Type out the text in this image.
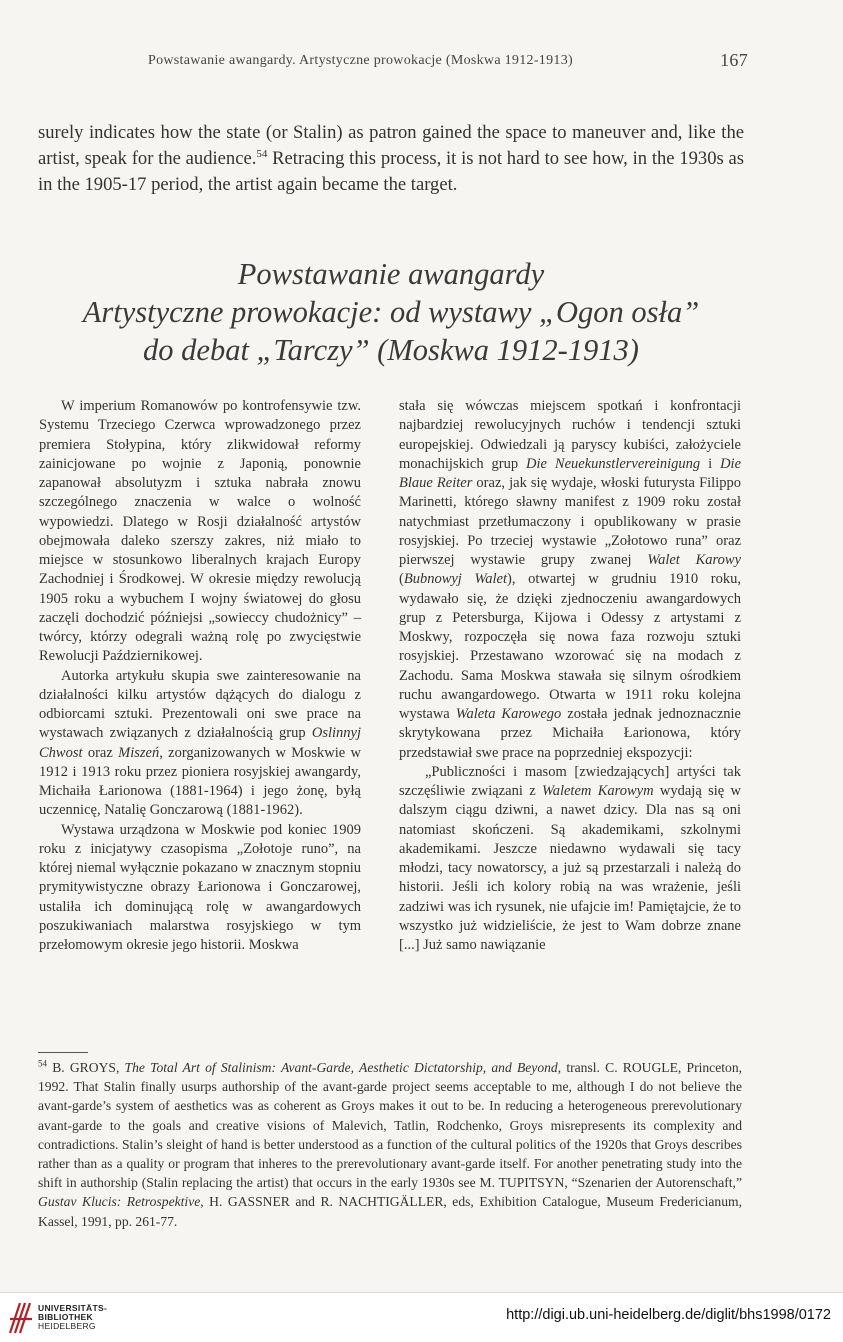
Powstawanie awangardy. Artystyczne prowokacje (Moskwa 1912-1913)	167
surely indicates how the state (or Stalin) as patron gained the space to maneuver and, like the artist, speak for the audience.$^{54}$ Retracing this process, it is not hard to see how, in the 1930s as in the 1905-17 period, the artist again became the target.
Powstawanie awangardy
Artystyczne prowokacje: od wystawy „Ogon osła”
do debat „Tarczy” (Moskwa 1912-1913)

W imperium Romanowów po kontrofensywie tzw. Systemu Trzeciego Czerwca wprowadzonego przez premiera Stołypina, który zlikwidował reformy zainicjowane po wojnie z Japonią, ponownie zapanował absolutyzm i sztuka nabrała znowu szczególnego znaczenia w walce o wolność wypowiedzi. Dlatego w Rosji działalność artystów obejmowała daleko szerszy zakres, niż miało to miejsce w stosunkowo liberalnych krajach Europy Zachodniej i Środkowej. W okresie między rewolucją 1905 roku a wybuchem I wojny światowej do głosu zaczęli dochodzić późniejsi „sowieccy chudożnicy” – twórcy, którzy odegrali ważną rolę po zwycięstwie Rewolucji Październikowej.

Autorka artykułu skupia swe zainteresowanie na działalności kilku artystów dążących do dialogu z odbiorcami sztuki. Prezentowali oni swe prace na wystawach związanych z działalnością grup Oslinnyj Chwost oraz Miszeń, zorganizowanych w Moskwie w 1912 i 1913 roku przez pioniera rosyjskiej awangardy, Michaiła Łarionowa (1881-1964) i jego żonę, byłą uczennicę, Natalię Gonczarową (1881-1962).

Wystawa urządzona w Moskwie pod koniec 1909 roku z inicjatywy czasopisma „Zołotoje runo”, na której niemal wyłącznie pokazano w znacznym stopniu prymitywistyczne obrazy Łarionowa i Gonczarowej, ustaliła ich dominującą rolę w awangardowych poszukiwaniach malarstwa rosyjskiego w tym przełomowym okresie jego historii. Moskwa

stała się wówczas miejscem spotkań i konfrontacji najbardziej rewolucyjnych ruchów i tendencji sztuki europejskiej. Odwiedzali ją paryscy kubiści, założyciele monachijskich grup Die Neuekunstlervereinigung i Die Blaue Reiter oraz, jak się wydaje, włoski futurysta Filippo Marinetti, którego sławny manifest z 1909 roku został natychmiast przetłumaczony i opublikowany w prasie rosyjskiej. Po trzeciej wystawie „Zołotowo runa” oraz pierwszej wystawie grupy zwanej Walet Karowy (Bubnowyj Walet), otwartej w grudniu 1910 roku, wydawało się, że dzięki zjednoczeniu awangardowych grup z Petersburga, Kijowa i Odessy z artystami z Moskwy, rozpoczęła się nowa faza rozwoju sztuki rosyjskiej. Przestawano wzorować się na modach z Zachodu. Sama Moskwa stawała się silnym ośrodkiem ruchu awangardowego. Otwarta w 1911 roku kolejna wystawa Waleta Karowego została jednak jednoznacznie skrytykowana przez Michaiła Łarionowa, który przedstawiał swe prace na poprzedniej ekspozycji:

„Publiczności i masom [zwiedzających] artyści tak szczęśliwie związani z Waletem Karowym wydają się w dalszym ciągu dziwni, a nawet dzicy. Dla nas są oni natomiast skończeni. Są akademikami, szkolnymi akademikami. Jeszcze niedawno wydawali się tacy młodzi, tacy nowatorscy, a już są przestarzali i należą do historii. Jeśli ich kolory robią na was wrażenie, jeśli zadziwi was ich rysunek, nie ufajcie im! Pamiętajcie, że to wszystko już widzieliście, że jest to Wam dobrze znane [...] Już samo nawiązanie

$^{54}$ B. GROYS, The Total Art of Stalinism: Avant-Garde, Aesthetic Dictatorship, and Beyond, transl. C. ROUGLE, Princeton, 1992. That Stalin finally usurps authorship of the avant-garde project seems acceptable to me, although I do not believe the avant-garde’s system of aesthetics was as coherent as Groys makes it out to be. In reducing a heterogeneous prerevolutionary avant-garde to the goals and creative visions of Malevich, Tatlin, Rodchenko, Groys misrepresents its complexity and contradictions. Stalin’s sleight of hand is better understood as a function of the cultural politics of the 1920s that Groys describes rather than as a quality or program that inheres to the prerevolutionary avant-garde itself. For another penetrating study into the shift in authorship (Stalin replacing the artist) that occurs in the early 1930s see M. TUPITSYN, “Szenarien der Autorenschaft,” Gustav Klucis: Retrospektive, H. GASSNER and R. NACHTIGÄLLER, eds, Exhibition Catalogue, Museum Fredericianum, Kassel, 1991, pp. 261-77.
UNIVERSITÄTS-
BIBLIOTHEK
HEIDELBERG
http://digi.ub.uni-heidelberg.de/diglit/bhs1998/0172
